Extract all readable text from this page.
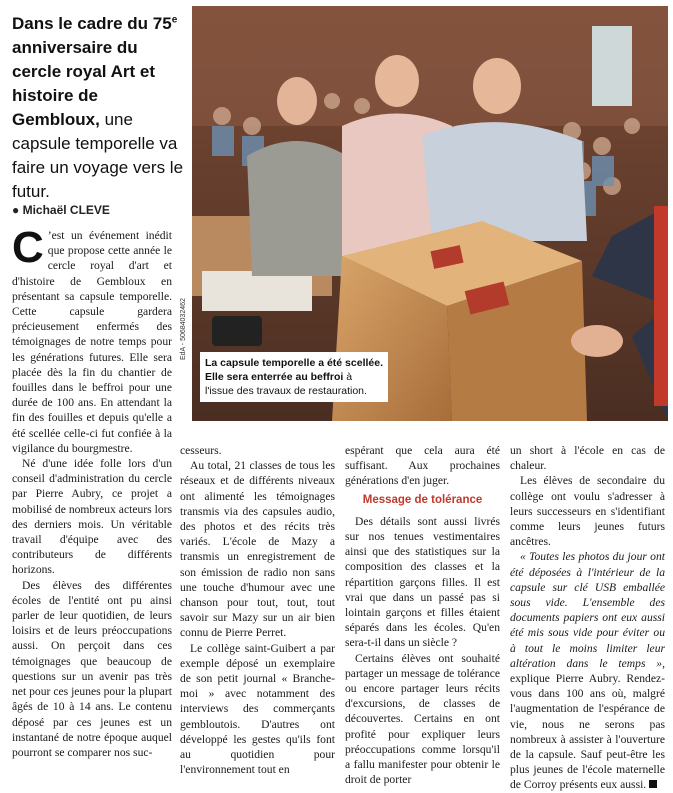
Dans le cadre du 75e anniversaire du cercle royal Art et histoire de Gembloux, une capsule temporelle va faire un voyage vers le futur.
● Michaël CLEVE
EdA - 50684032462
La capsule temporelle a été scellée. Elle sera enterrée au beffroi à l'issue des travaux de restauration.

C ’est un événement inédit que propose cette année le cercle royal d'art et d'histoire de Gembloux en présentant sa capsule temporelle. Cette capsule gardera précieusement enfermés des témoignages de notre temps pour les générations futures. Elle sera placée dès la fin du chantier de fouilles dans le beffroi pour une durée de 100 ans. En attendant la fin des fouilles et depuis qu'elle a été scellée celle-ci fut confiée à la vigilance du bourgmestre.

Né d'une idée folle lors d'un conseil d'administration du cercle par Pierre Aubry, ce projet a mobilisé de nombreux acteurs lors des derniers mois. Un véritable travail d'équipe avec des contributeurs de différents horizons.

Des élèves des différentes écoles de l'entité ont pu ainsi parler de leur quotidien, de leurs loisirs et de leurs préoccupations aussi. On perçoit dans ces témoignages que beaucoup de questions sur un avenir pas très net pour ces jeunes pour la plupart âgés de 10 à 14 ans. Le contenu déposé par ces jeunes est un instantané de notre époque auquel pourront se comparer nos suc-

cesseurs.

Au total, 21 classes de tous les réseaux et de différents niveaux ont alimenté les témoignages transmis via des capsules audio, des photos et des récits très variés. L'école de Mazy a transmis un enregistrement de son émission de radio non sans une touche d'humour avec une chanson pour tout, tout, tout savoir sur Mazy sur un air bien connu de Pierre Perret.

Le collège saint-Guibert a par exemple déposé un exemplaire de son petit journal « Branche-moi » avec notamment des interviews des commerçants gembloutois. D'autres ont développé les gestes qu'ils font au quotidien pour l'environnement tout en

espérant que cela aura été suffisant. Aux prochaines générations d'en juger.

Message de tolérance

Des détails sont aussi livrés sur nos tenues vestimentaires ainsi que des statistiques sur la composition des classes et la répartition garçons filles. Il est vrai que dans un passé pas si lointain garçons et filles étaient séparés dans les écoles. Qu'en sera-t-il dans un siècle ?

Certains élèves ont souhaité partager un message de tolérance ou encore partager leurs récits d'excursions, de classes de découvertes. Certains en ont profité pour expliquer leurs préoccupations comme lorsqu'il a fallu manifester pour obtenir le droit de porter

un short à l'école en cas de chaleur.

Les élèves de secondaire du collège ont voulu s'adresser à leurs successeurs en s'identifiant comme leurs jeunes futurs ancêtres.

« Toutes les photos du jour ont été déposées à l'intérieur de la capsule sur clé USB emballée sous vide. L'ensemble des documents papiers ont eux aussi été mis sous vide pour éviter ou à tout le moins limiter leur altération dans le temps », explique Pierre Aubry. Rendez-vous dans 100 ans où, malgré l'augmentation de l'espérance de vie, nous ne serons pas nombreux à assister à l'ouverture de la capsule. Sauf peut-être les plus jeunes de l'école maternelle de Corroy présents eux aussi.
